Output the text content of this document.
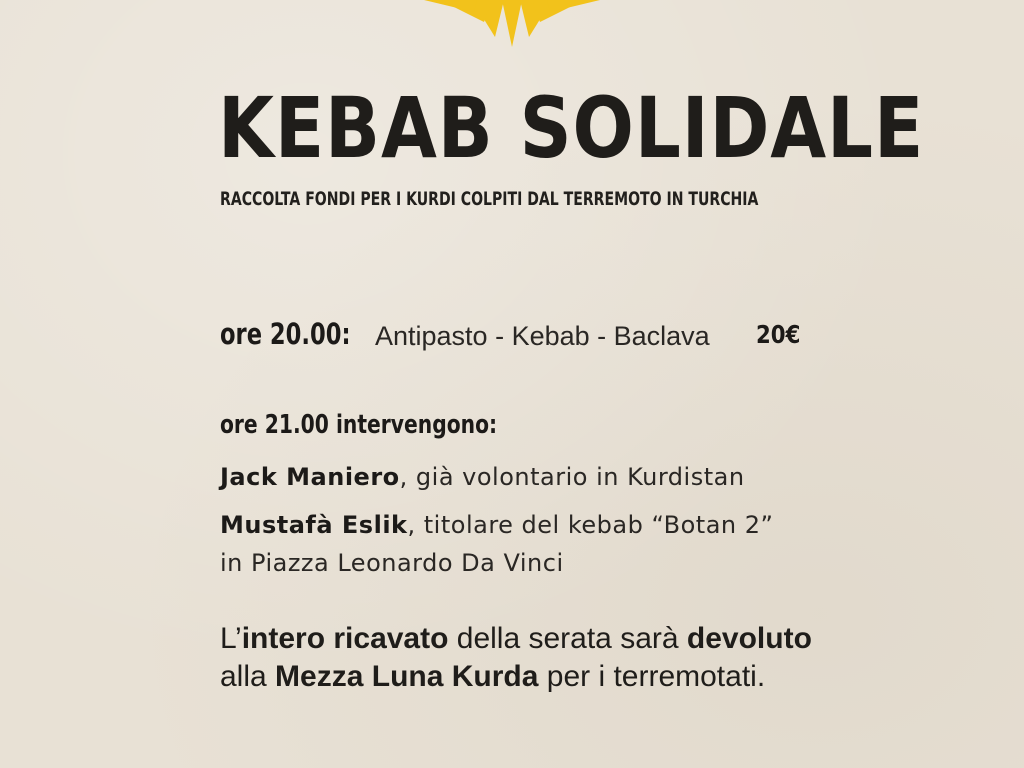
KEBAB SOLIDALE

RACCOLTA FONDI PER I KURDI COLPITI DAL TERREMOTO IN TURCHIA

ore 20.00: Antipasto - Kebab - Baclava 20€
ore 21.00 intervengono:
Jack Maniero, già volontario in Kurdistan
Mustafà Eslik, titolare del kebab “Botan 2”
in Piazza Leonardo Da Vinci

L’intero ricavato della serata sarà devoluto alla Mezza Luna Kurda per i terremotati.
